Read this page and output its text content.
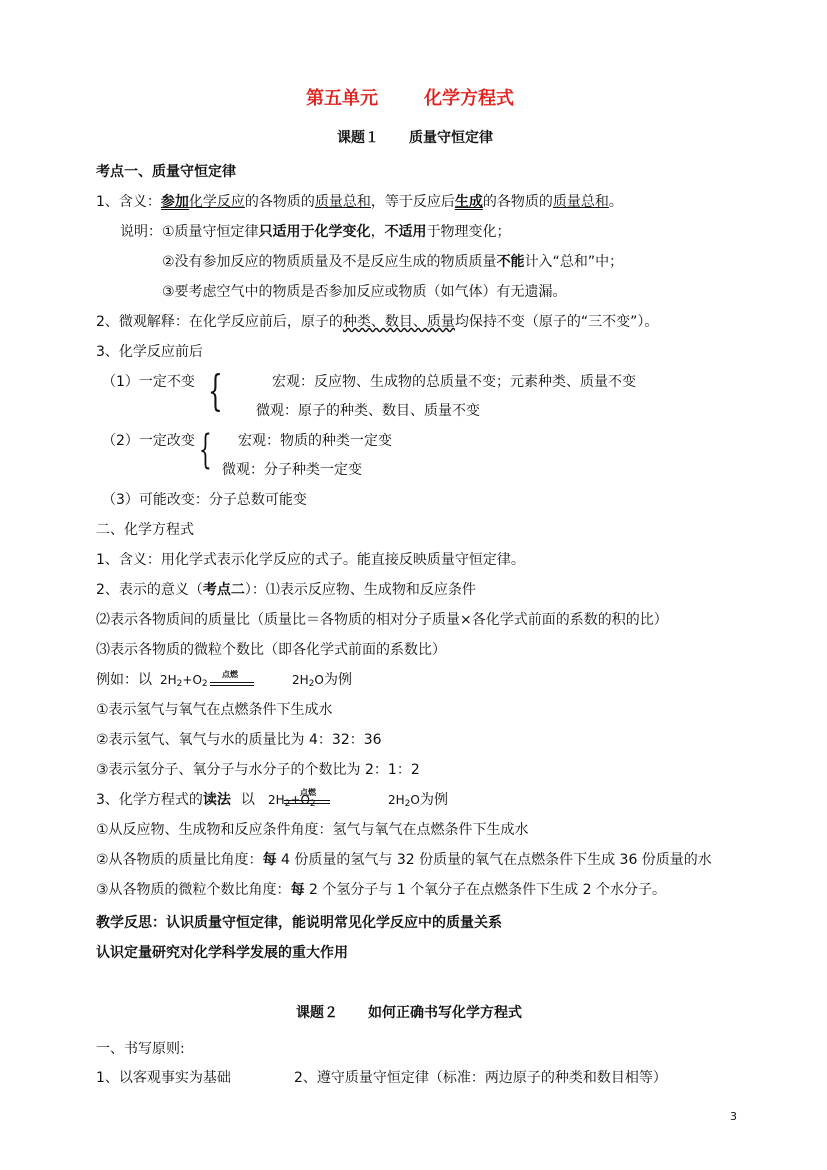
第五单元	化学方程式
课题１ 质量守恒定律
考点一、质量守恒定律
1、含义：参加化学反应的各物质的质量总和，等于反应后生成的各物质的质量总和。
说明：①质量守恒定律只适用于化学变化，不适用于物理变化；
②没有参加反应的物质质量及不是反应生成的物质质量不能计入“总和”中；
③要考虑空气中的物质是否参加反应或物质（如气体）有无遗漏。
2、微观解释：在化学反应前后，原子的种类、数目、质量均保持不变（原子的“三不变”）。
3、化学反应前后
（1）一定不变 {	宏观：反应物、生成物的总质量不变；元素种类、质量不变
微观：原子的种类、数目、质量不变
（2）一定改变 { 宏观：物质的种类一定变
微观：分子种类一定变
（3）可能改变：分子总数可能变
二、化学方程式
1、含义：用化学式表示化学反应的式子。能直接反映质量守恒定律。
2、表示的意义（考点二）：⑴表示反应物、生成物和反应条件
⑵表示各物质间的质量比（质量比＝各物质的相对分子质量×各化学式前面的系数的积的比）
⑶表示各物质的微粒个数比（即各化学式前面的系数比）
例如：以 2H2+O2
点燃	2H2O 为例
①表示氢气与氧气在点燃条件下生成水
②表示氢气、氧气与水的质量比为 4：32：36
③表示氢分子、氧分子与水分子的个数比为 2：1：2
3、化学方程式的读法 以 2H2+O2
点燃
2H2O 为例
①从反应物、生成物和反应条件角度：氢气与氧气在点燃条件下生成水
②从各物质的质量比角度：每 4 份质量的氢气与 32 份质量的氧气在点燃条件下生成 36 份质量的水
③从各物质的微粒个数比角度：每 2 个氢分子与 1 个氧分子在点燃条件下生成 2 个水分子。
教学反思：认识质量守恒定律，能说明常见化学反应中的质量关系
认识定量研究对化学科学发展的重大作用
课题２ 如何正确书写化学方程式
一、书写原则:
1、以客观事实为基础	2、遵守质量守恒定律（标准：两边原子的种类和数目相等）
3
